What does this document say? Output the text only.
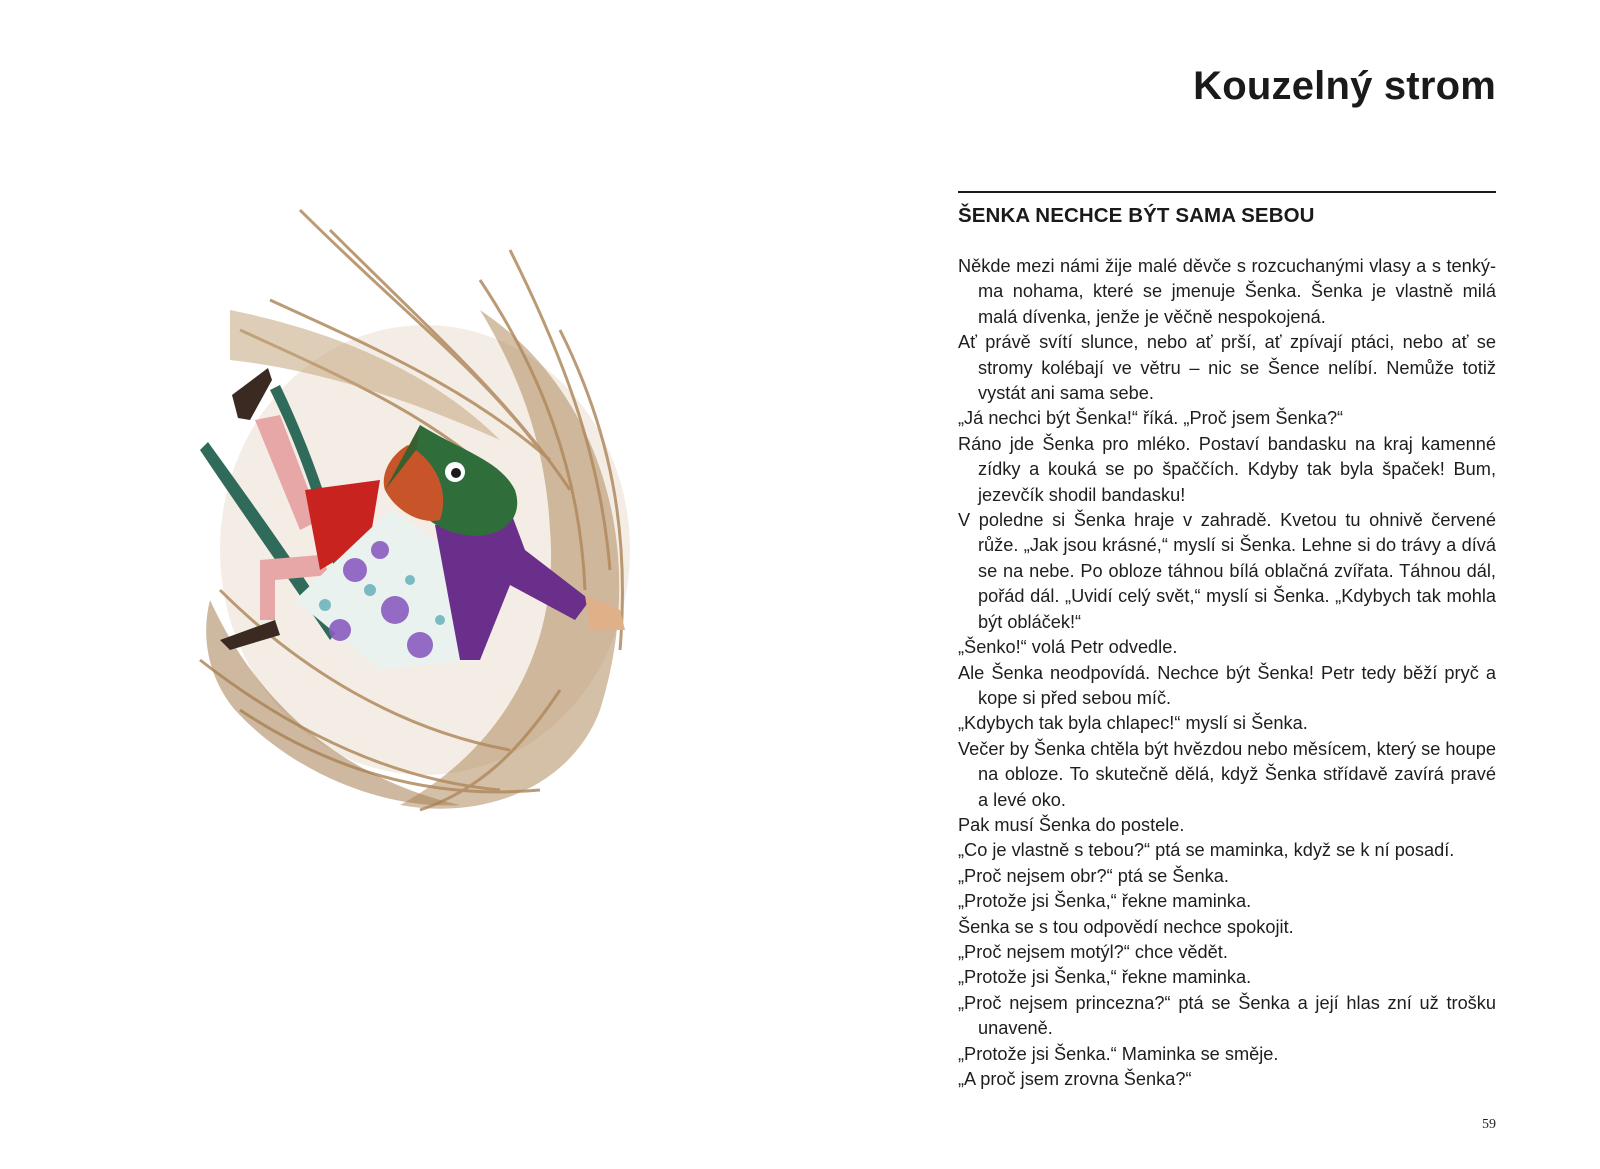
Kouzelný strom
ŠENKA NECHCE BÝT SAMA SEBOU

Někde mezi námi žije malé děvče s rozcuchanými vlasy a s tenkýma nohama, které se jmenuje Šenka. Šenka je vlastně milá malá dívenka, jenže je věčně nespokojená.

Ať právě svítí slunce, nebo ať prší, ať zpívají ptáci, nebo ať se stromy kolébají ve větru – nic se Šence nelíbí. Nemůže totiž vystát ani sama sebe.

„Já nechci být Šenka!“ říká. „Proč jsem Šenka?“

Ráno jde Šenka pro mléko. Postaví bandasku na kraj kamenné zídky a kouká se po špaččích. Kdyby tak byla špaček! Bum, jezevčík shodil bandasku!

V poledne si Šenka hraje v zahradě. Kvetou tu ohnivě červené růže. „Jak jsou krásné,“ myslí si Šenka. Lehne si do trávy a dívá se na nebe. Po obloze táhnou bílá oblačná zvířata. Táhnou dál, pořád dál. „Uvidí celý svět,“ myslí si Šenka. „Kdybych tak mohla být obláček!“

„Šenko!“ volá Petr odvedle.

Ale Šenka neodpovídá. Nechce být Šenka! Petr tedy běží pryč a kope si před sebou míč.

„Kdybych tak byla chlapec!“ myslí si Šenka.

Večer by Šenka chtěla být hvězdou nebo měsícem, který se houpe na obloze. To skutečně dělá, když Šenka střídavě zavírá pravé a levé oko.

Pak musí Šenka do postele.

„Co je vlastně s tebou?“ ptá se maminka, když se k ní posadí.

„Proč nejsem obr?“ ptá se Šenka.

„Protože jsi Šenka,“ řekne maminka.

Šenka se s tou odpovědí nechce spokojit.

„Proč nejsem motýl?“ chce vědět.

„Protože jsi Šenka,“ řekne maminka.

„Proč nejsem princezna?“ ptá se Šenka a její hlas zní už trošku unaveně.

„Protože jsi Šenka.“ Maminka se směje.

„A proč jsem zrovna Šenka?“

59
